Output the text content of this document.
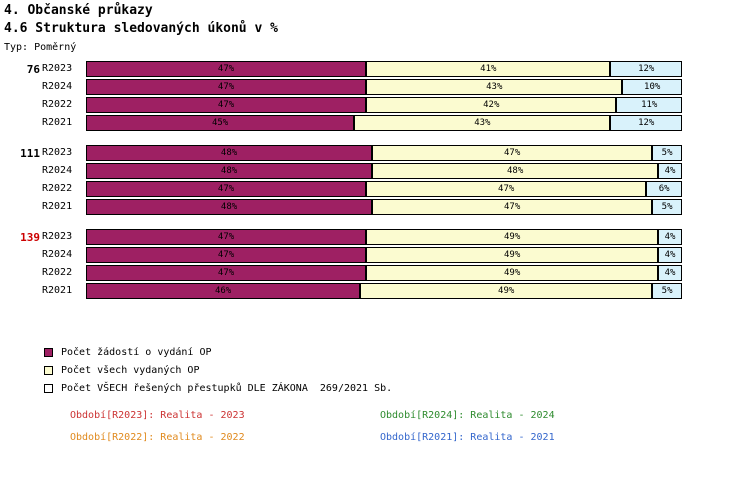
4. Občanské průkazy
4.6 Struktura sledovaných úkonů v %
Typ: Poměrný
76 R2023	47%	41%	12%
R2024	47%	43%	10%
R2022	47%	42%	11%
R2021	45%	43%	12%
111 R2023	48%	47%	5%
R2024	48%	48%	4%
R2022	47%	47%	6%
R2021	48%	47%	5%
139 R2023	47%	49%	4%
R2024	47%	49%	4%
R2022	47%	49%	4%
R2021	46%	49%	5%
Počet žádostí o vydání OP
Počet všech vydaných OP
Počet VŠECH řešených přestupků DLE ZÁKONA  269/2021 Sb.
Období[R2023]: Realita - 2023	Období[R2024]: Realita - 2024
Období[R2022]: Realita - 2022	Období[R2021]: Realita - 2021
